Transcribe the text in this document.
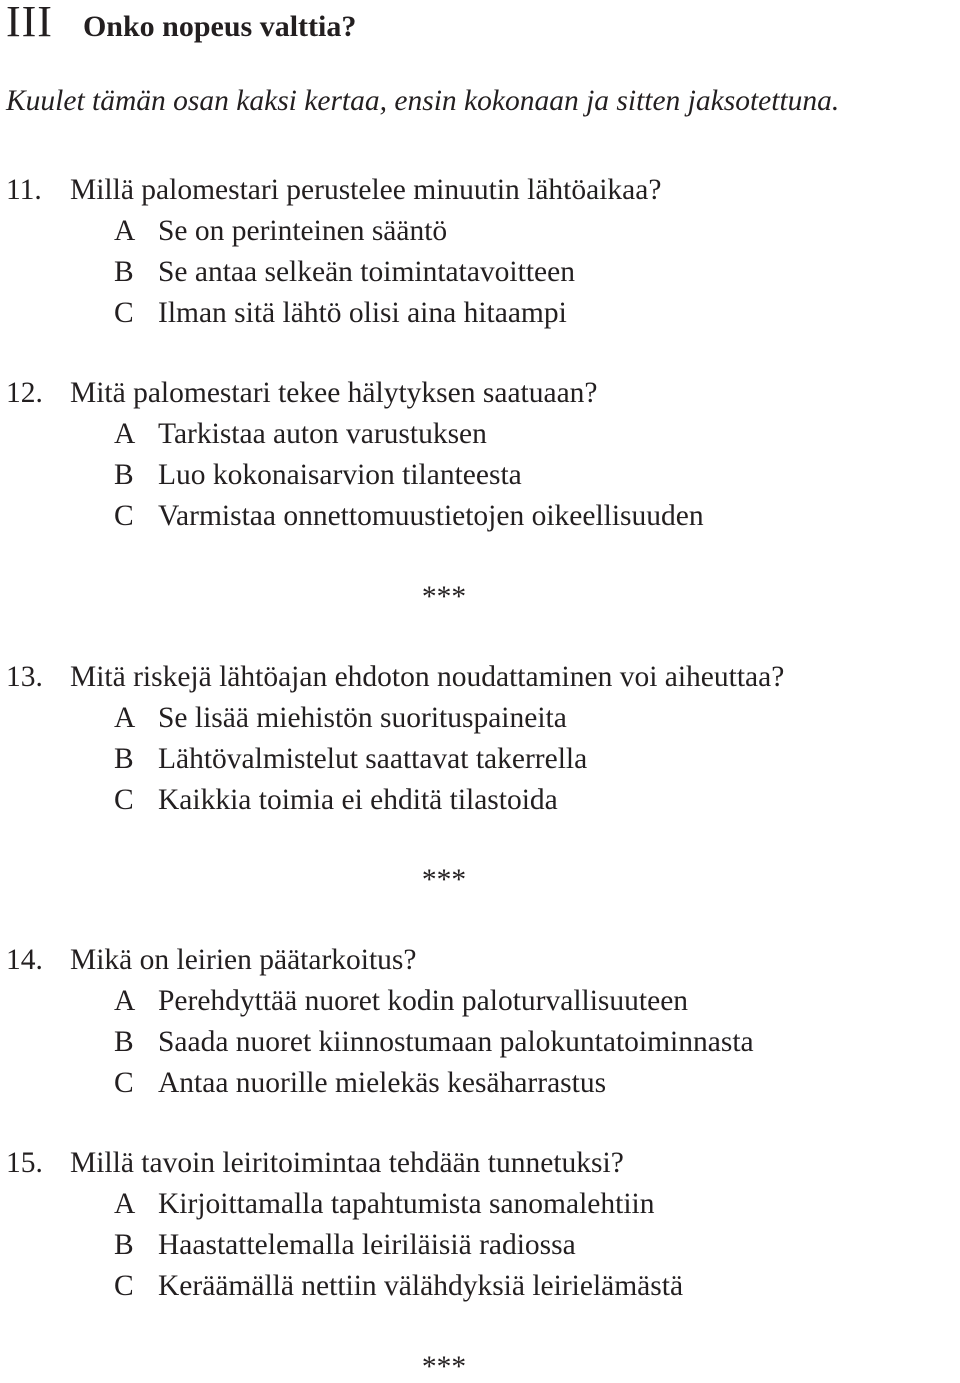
III Onko nopeus valttia?
Kuulet tämän osan kaksi kertaa, ensin kokonaan ja sitten jaksotettuna.
11. Millä palomestari perustelee minuutin lähtöaikaa?
A Se on perinteinen sääntö
B Se antaa selkeän toimintatavoitteen
C Ilman sitä lähtö olisi aina hitaampi
12. Mitä palomestari tekee hälytyksen saatuaan?
A Tarkistaa auton varustuksen
B Luo kokonaisarvion tilanteesta
C Varmistaa onnettomuustietojen oikeellisuuden
***
13. Mitä riskejä lähtöajan ehdoton noudattaminen voi aiheuttaa?
A Se lisää miehistön suorituspaineita
B Lähtövalmistelut saattavat takerrella
C Kaikkia toimia ei ehditä tilastoida
***
14. Mikä on leirien päätarkoitus?
A Perehdyttää nuoret kodin paloturvallisuuteen
B Saada nuoret kiinnostumaan palokuntatoiminnasta
C Antaa nuorille mielekäs kesäharrastus
15. Millä tavoin leiritoimintaa tehdään tunnetuksi?
A Kirjoittamalla tapahtumista sanomalehtiin
B Haastattelemalla leiriläisiä radiossa
C Keräämällä nettiin välähdyksiä leirielämästä
***
